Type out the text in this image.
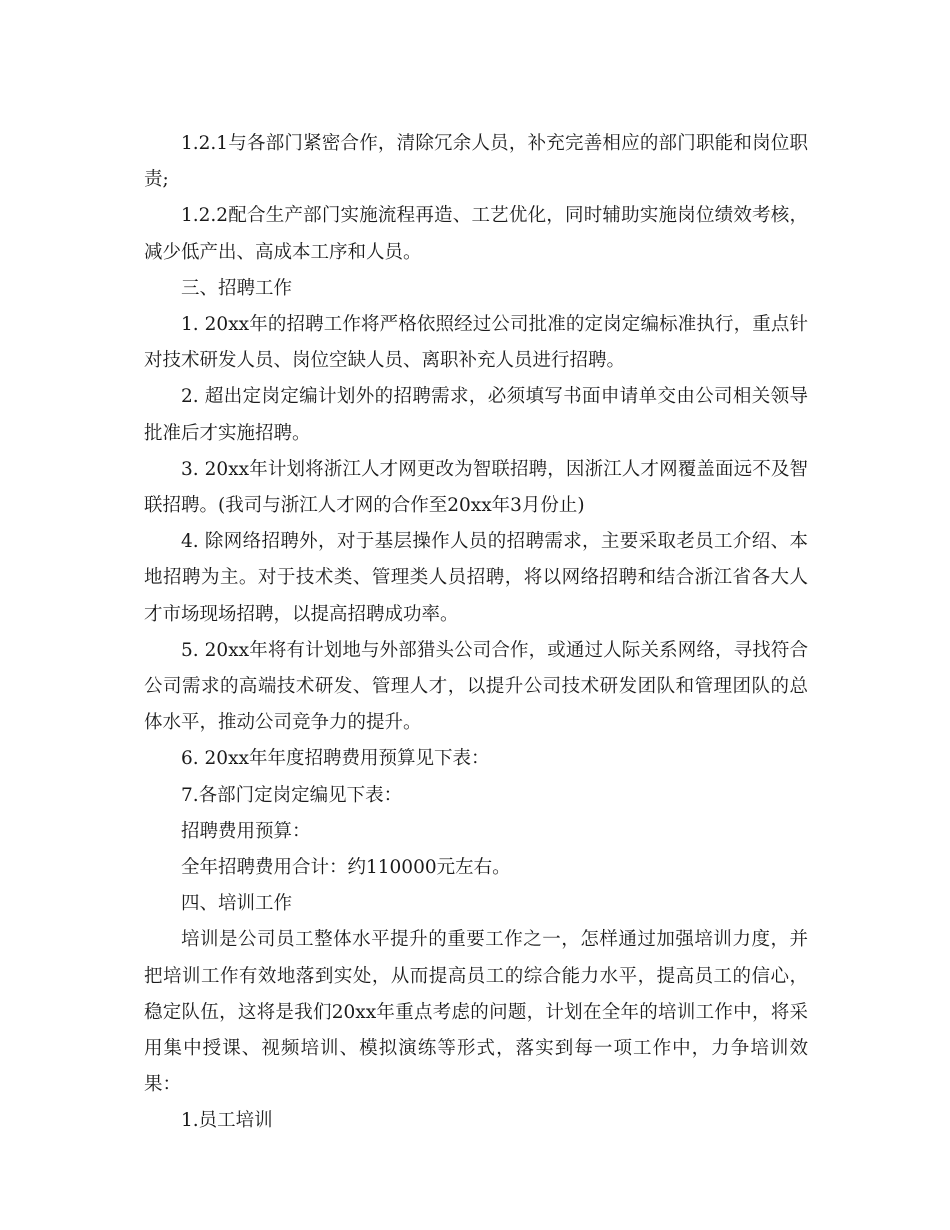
1.2.1与各部门紧密合作，清除冗余人员，补充完善相应的部门职能和岗位职责;

1.2.2配合生产部门实施流程再造、工艺优化，同时辅助实施岗位绩效考核，减少低产出、高成本工序和人员。

三、招聘工作

1. 20xx年的招聘工作将严格依照经过公司批准的定岗定编标准执行，重点针对技术研发人员、岗位空缺人员、离职补充人员进行招聘。

2. 超出定岗定编计划外的招聘需求，必须填写书面申请单交由公司相关领导批准后才实施招聘。

3. 20xx年计划将浙江人才网更改为智联招聘，因浙江人才网覆盖面远不及智联招聘。(我司与浙江人才网的合作至20xx年3月份止)

4. 除网络招聘外，对于基层操作人员的招聘需求，主要采取老员工介绍、本地招聘为主。对于技术类、管理类人员招聘，将以网络招聘和结合浙江省各大人才市场现场招聘，以提高招聘成功率。

5. 20xx年将有计划地与外部猎头公司合作，或通过人际关系网络，寻找符合公司需求的高端技术研发、管理人才，以提升公司技术研发团队和管理团队的总体水平，推动公司竞争力的提升。

6. 20xx年年度招聘费用预算见下表：

7.各部门定岗定编见下表：

招聘费用预算：

全年招聘费用合计：约110000元左右。

四、培训工作

培训是公司员工整体水平提升的重要工作之一，怎样通过加强培训力度，并把培训工作有效地落到实处，从而提高员工的综合能力水平，提高员工的信心，稳定队伍，这将是我们20xx年重点考虑的问题，计划在全年的培训工作中，将采用集中授课、视频培训、模拟演练等形式，落实到每一项工作中，力争培训效果：

1.员工培训
